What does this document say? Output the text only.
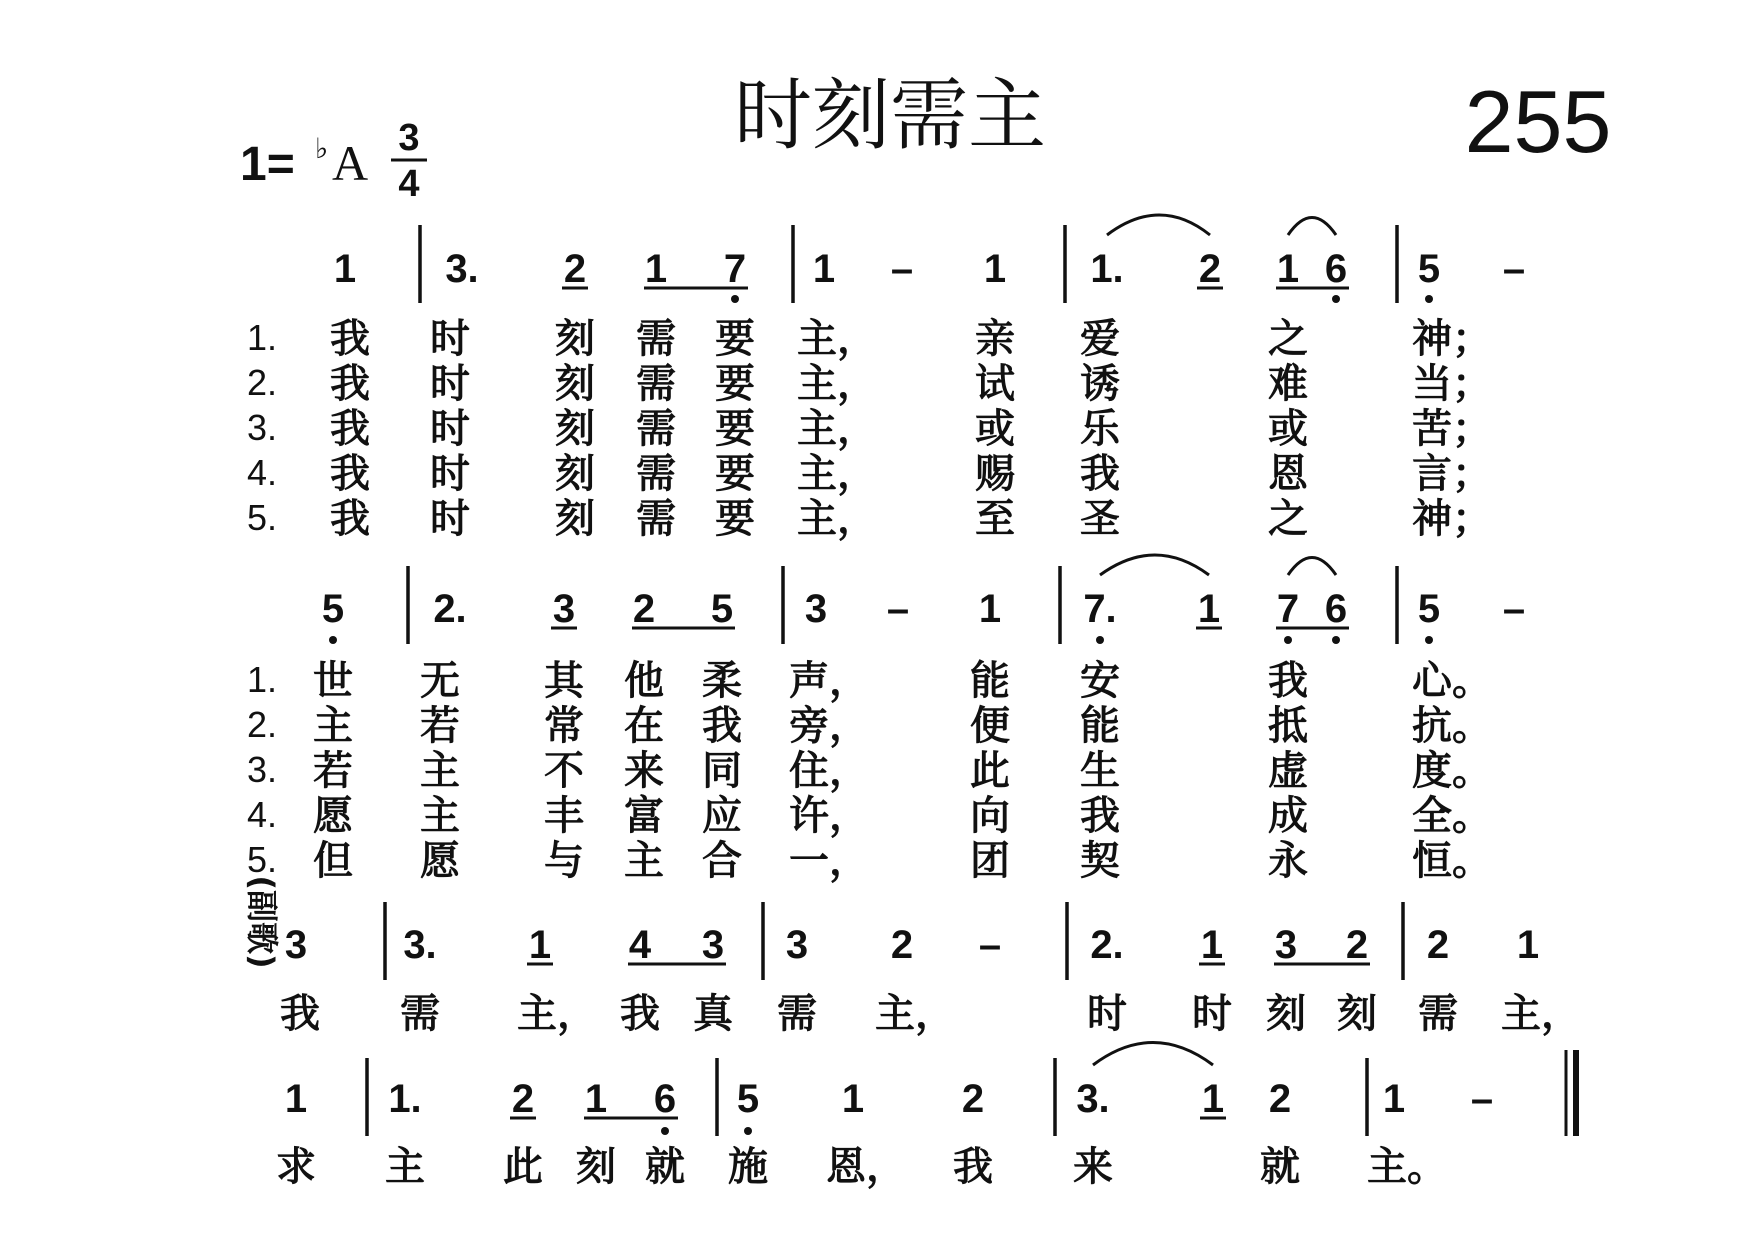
时刻需主	255
1= ♭ A 3
4
1 3. 2 1 7 1 – 1 1. 2 1 6 5 –
1.
2.
3.
4.
5.
我 时 刻 需 要 主， 亲 爱	之	神；
我 时 刻 需 要 主， 试 诱	难	当；
我 时 刻 需 要 主， 或 乐	或	苦；
我 时 刻 需 要 主， 赐 我	恩	言；
我 时 刻 需 要 主， 至 圣	之	神；
5 2. 3 2 5 3 – 1 7. 1 7 6 5 –
1.
2.
3.
4.
5.
世 无 其 他 柔 声，	能 安	我	心。
主 若 常 在 我 旁，	便 能	抵	抗。
若 主 不 来 同 住，	此 生	虚	度。
愿 主 丰 富 应 许，	向 我	成	全。
但 愿 与 主 合 一，	团 契	永	恒。
(副歌) 3 3. 1 4 3 3 2 – 2. 1 3 2 2 1
我 需 主， 我 真 需 主，	时 时 刻 刻 需 主，
1 1. 2 1 6 5 1 2 3. 1 2 1 –
求 主 此 刻 就 施 恩， 我 来	就 主。
